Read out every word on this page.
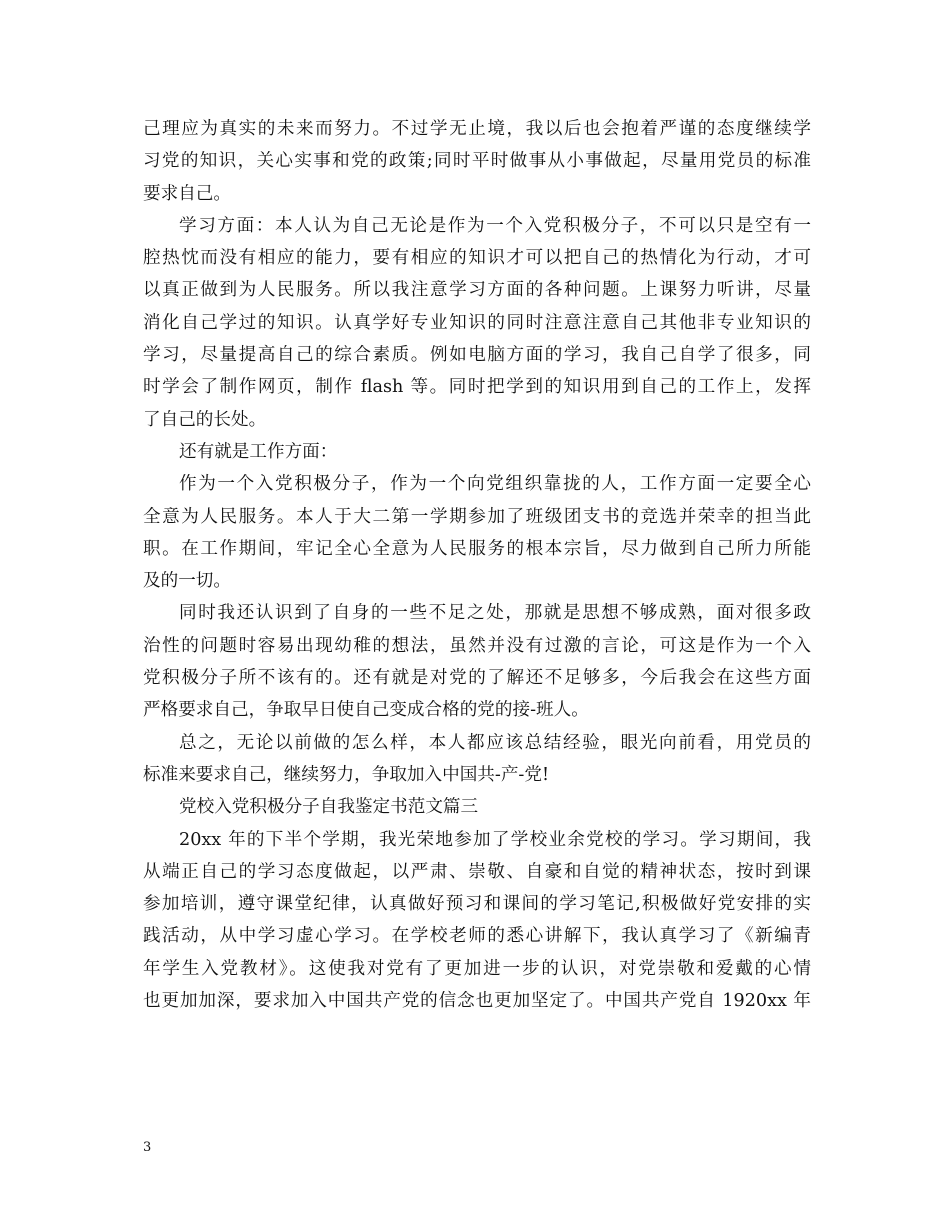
己理应为真实的未来而努力。不过学无止境，我以后也会抱着严谨的态度继续学
习党的知识，关心实事和党的政策;同时平时做事从小事做起，尽量用党员的标准
要求自己。
学习方面：本人认为自己无论是作为一个入党积极分子，不可以只是空有一
腔热忱而没有相应的能力，要有相应的知识才可以把自己的热情化为行动，才可
以真正做到为人民服务。所以我注意学习方面的各种问题。上课努力听讲，尽量
消化自己学过的知识。认真学好专业知识的同时注意注意自己其他非专业知识的
学习，尽量提高自己的综合素质。例如电脑方面的学习，我自己自学了很多，同
时学会了制作网页，制作 flash 等。同时把学到的知识用到自己的工作上，发挥
了自己的长处。
还有就是工作方面：
作为一个入党积极分子，作为一个向党组织靠拢的人，工作方面一定要全心
全意为人民服务。本人于大二第一学期参加了班级团支书的竞选并荣幸的担当此
职。在工作期间，牢记全心全意为人民服务的根本宗旨，尽力做到自己所力所能
及的一切。
同时我还认识到了自身的一些不足之处，那就是思想不够成熟，面对很多政
治性的问题时容易出现幼稚的想法，虽然并没有过激的言论，可这是作为一个入
党积极分子所不该有的。还有就是对党的了解还不足够多，今后我会在这些方面
严格要求自己，争取早日使自己变成合格的党的接-班人。
总之，无论以前做的怎么样，本人都应该总结经验，眼光向前看，用党员的
标准来要求自己，继续努力，争取加入中国共-产-党!
党校入党积极分子自我鉴定书范文篇三
20xx 年的下半个学期，我光荣地参加了学校业余党校的学习。学习期间，我
从端正自己的学习态度做起，以严肃、崇敬、自豪和自觉的精神状态，按时到课
参加培训，遵守课堂纪律，认真做好预习和课间的学习笔记,积极做好党安排的实
践活动，从中学习虚心学习。在学校老师的悉心讲解下，我认真学习了《新编青
年学生入党教材》。这使我对党有了更加进一步的认识，对党崇敬和爱戴的心情
也更加加深，要求加入中国共产党的信念也更加坚定了。中国共产党自 1920xx 年
3
